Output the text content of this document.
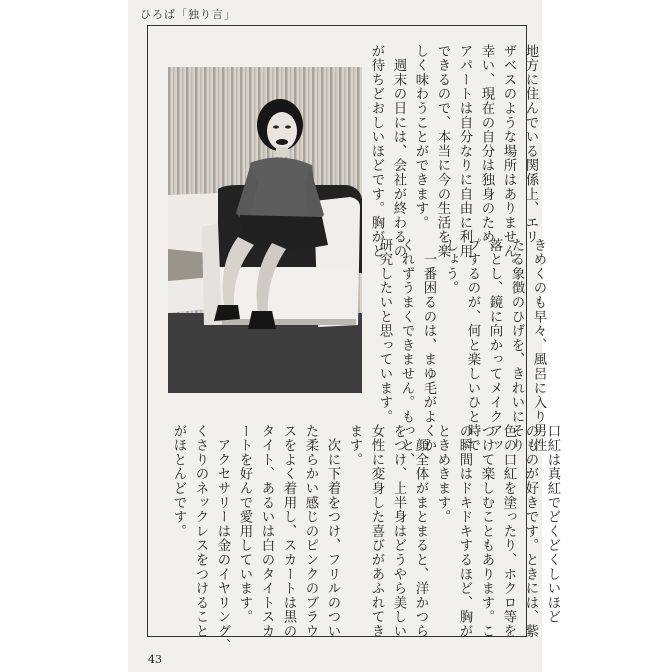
ひろば「独り言」
地方に住んでいる関係上、エリ
ザベスのような場所はありません。
幸い、現在の自分は独身のため、
アパートは自分なりに自由に利用
できるので、本当に今の生活を楽
しく味わうことができます。
　週末の日には、会社が終わるの
が待ちどおしいほどです。胸がと
きめくのも早々、風呂に入り男性
たる象徴のひげを、きれいにそり
落とし、鏡に向かってメイクアッ
プするのが、何と楽しいひと時で
しょう。
　一番困るのは、まゆ毛がよくか
くれずうまくできません。もっと、
研究したいと思っています。
口紅は真紅でどくどくしいほど
のものが好きです。ときには、紫
色の口紅を塗ったり、ホクロ等を
つけて楽しむこともあります。こ
の瞬間はドキドキするほど、胸が
ときめきます。
　顔全体がまとまると、洋かつら
をつけ、上半身はどうやら美しい
女性に変身した喜びがあふれてき
ます。
　次に下着をつけ、フリルのつい
た柔らかい感じのピンクのブラウ
スをよく着用し、スカートは黒の
タイト、あるいは白のタイトスカ
ートを好んで愛用しています。
　アクセサリーは金のイヤリング、
くさりのネックレスをつけること
がほとんどです。
43
